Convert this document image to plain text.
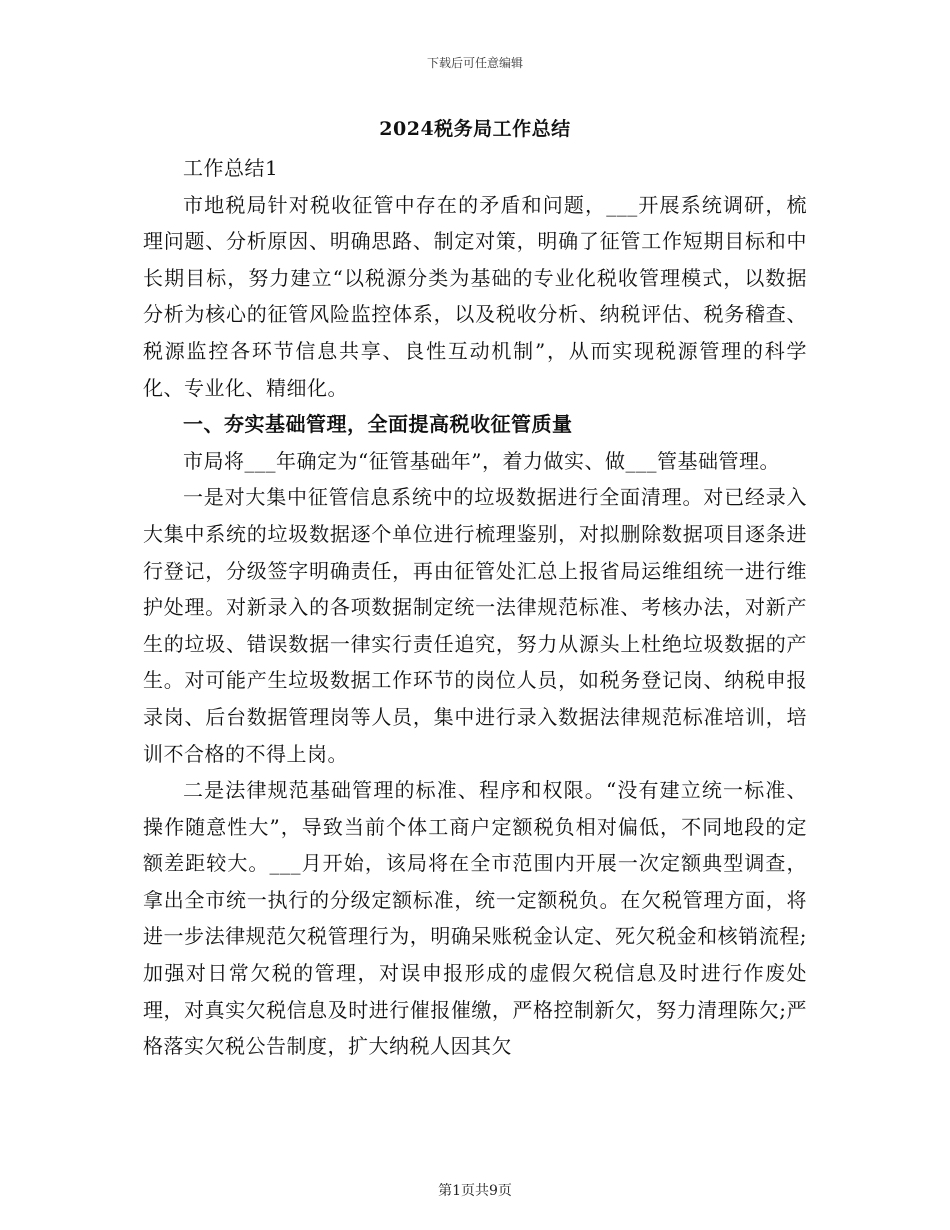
下载后可任意编辑
2024税务局工作总结

工作总结1

市地税局针对税收征管中存在的矛盾和问题，___开展系统调研，梳理问题、分析原因、明确思路、制定对策，明确了征管工作短期目标和中长期目标，努力建立“以税源分类为基础的专业化税收管理模式，以数据分析为核心的征管风险监控体系，以及税收分析、纳税评估、税务稽查、税源监控各环节信息共享、良性互动机制”，从而实现税源管理的科学化、专业化、精细化。

一、夯实基础管理，全面提高税收征管质量

市局将___年确定为“征管基础年”，着力做实、做___管基础管理。

一是对大集中征管信息系统中的垃圾数据进行全面清理。对已经录入大集中系统的垃圾数据逐个单位进行梳理鉴别，对拟删除数据项目逐条进行登记，分级签字明确责任，再由征管处汇总上报省局运维组统一进行维护处理。对新录入的各项数据制定统一法律规范标准、考核办法，对新产生的垃圾、错误数据一律实行责任追究，努力从源头上杜绝垃圾数据的产生。对可能产生垃圾数据工作环节的岗位人员，如税务登记岗、纳税申报录岗、后台数据管理岗等人员，集中进行录入数据法律规范标准培训，培训不合格的不得上岗。

二是法律规范基础管理的标准、程序和权限。“没有建立统一标准、操作随意性大”，导致当前个体工商户定额税负相对偏低，不同地段的定额差距较大。___月开始，该局将在全市范围内开展一次定额典型调查，拿出全市统一执行的分级定额标准，统一定额税负。在欠税管理方面，将进一步法律规范欠税管理行为，明确呆账税金认定、死欠税金和核销流程;加强对日常欠税的管理，对误申报形成的虚假欠税信息及时进行作废处理，对真实欠税信息及时进行催报催缴，严格控制新欠，努力清理陈欠;严格落实欠税公告制度，扩大纳税人因其欠

第1页共9页
